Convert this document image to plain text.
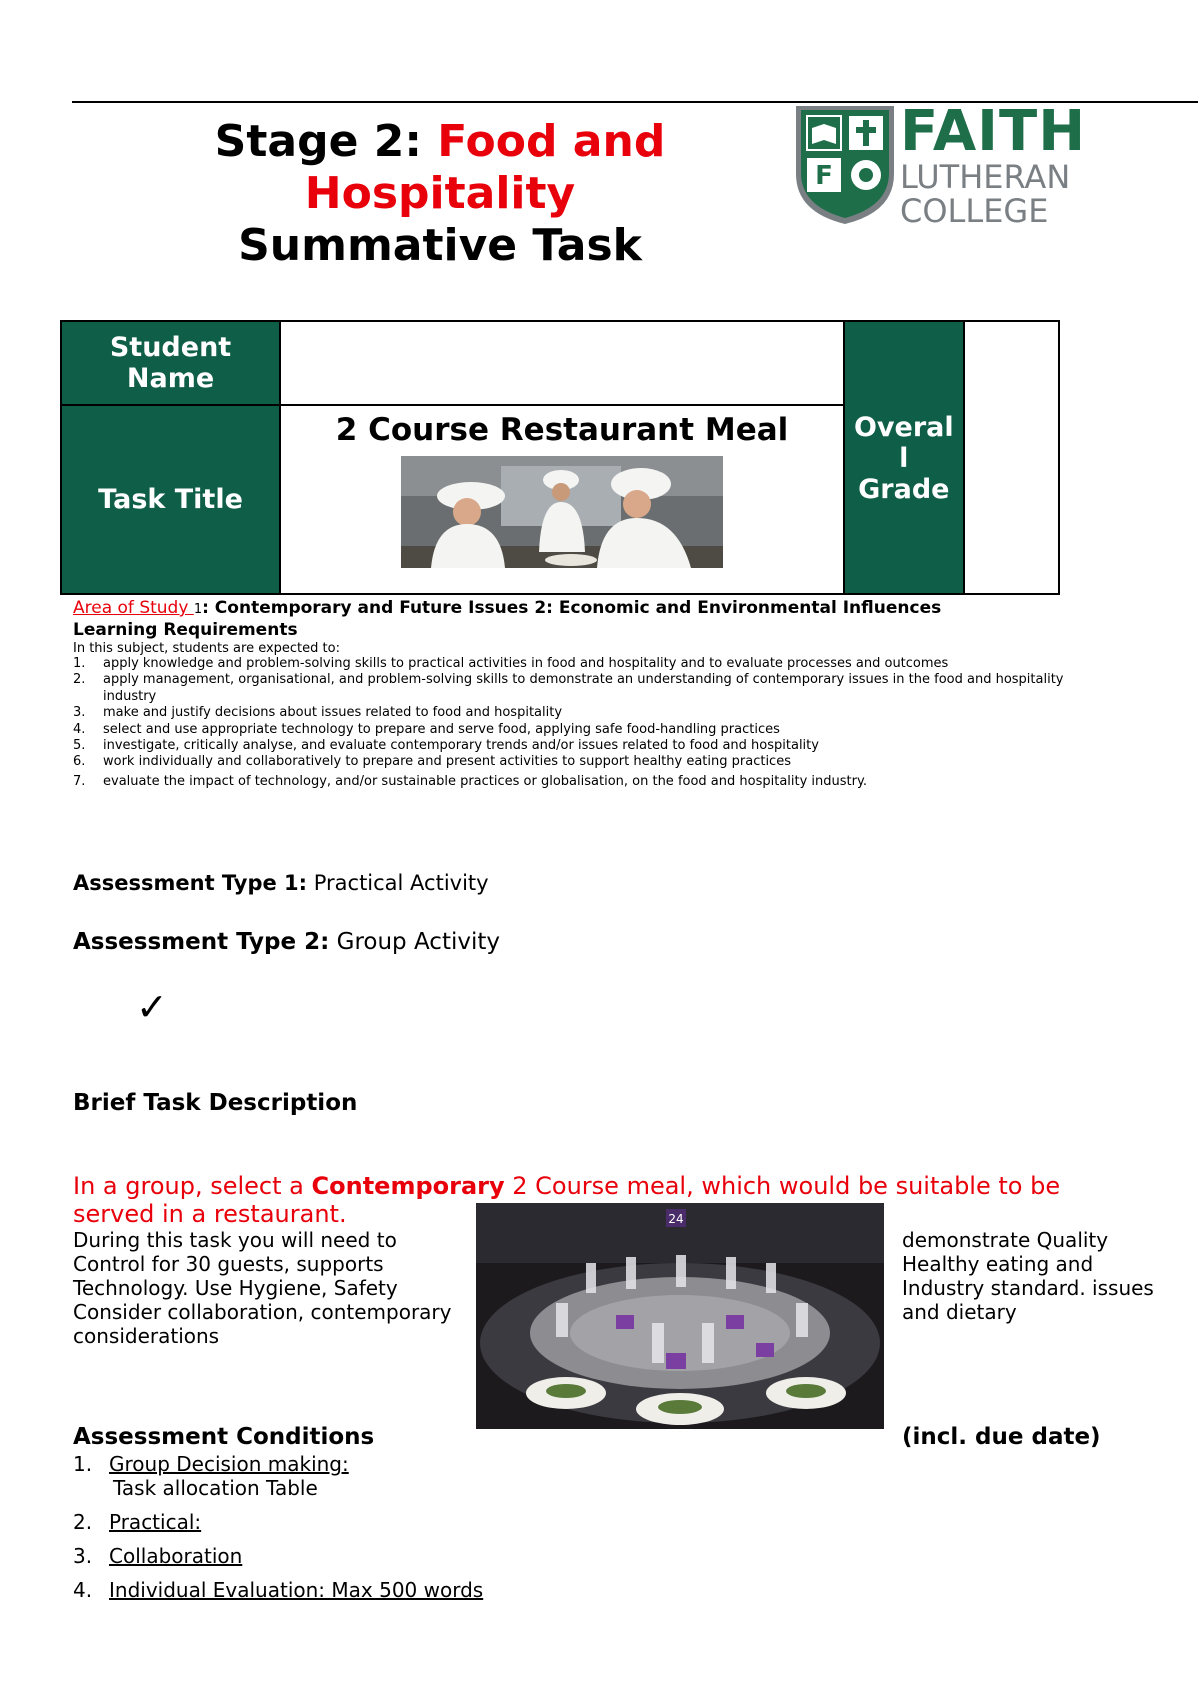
Stage 2: Food and
Hospitality
Summative Task
F
FAITH
LUTHERAN
COLLEGE
Student Name		Overal
l
Grade	

Task Title	2 Course Restaurant Meal		
Area of Study 1: Contemporary and Future Issues 2: Economic and Environmental Influences
Learning Requirements
In this subject, students are expected to:
1. apply knowledge and problem-solving skills to practical activities in food and hospitality and to evaluate processes and outcomes
2. apply management, organisational, and problem-solving skills to demonstrate an understanding of contemporary issues in the food and hospitality industry
3. make and justify decisions about issues related to food and hospitality
4. select and use appropriate technology to prepare and serve food, applying safe food-handling practices
5. investigate, critically analyse, and evaluate contemporary trends and/or issues related to food and hospitality
6. work individually and collaboratively to prepare and present activities to support healthy eating practices
7. evaluate the impact of technology, and/or sustainable practices or globalisation, on the food and hospitality industry.
Assessment Type 1: Practical Activity
Assessment Type 2: Group Activity
✓
Brief Task Description
In a group, select a Contemporary 2 Course meal, which would be suitable to be served in a restaurant.
During this task you will need to Control for 30 guests, supports Technology. Use Hygiene, Safety Consider collaboration, contemporary considerations
demonstrate Quality Healthy eating and Industry standard. issues and dietary
24
Assessment Conditions	(incl. due date)
1. Group Decision making:
Task allocation Table
2. Practical:
3. Collaboration
4. Individual Evaluation: Max 500 words
